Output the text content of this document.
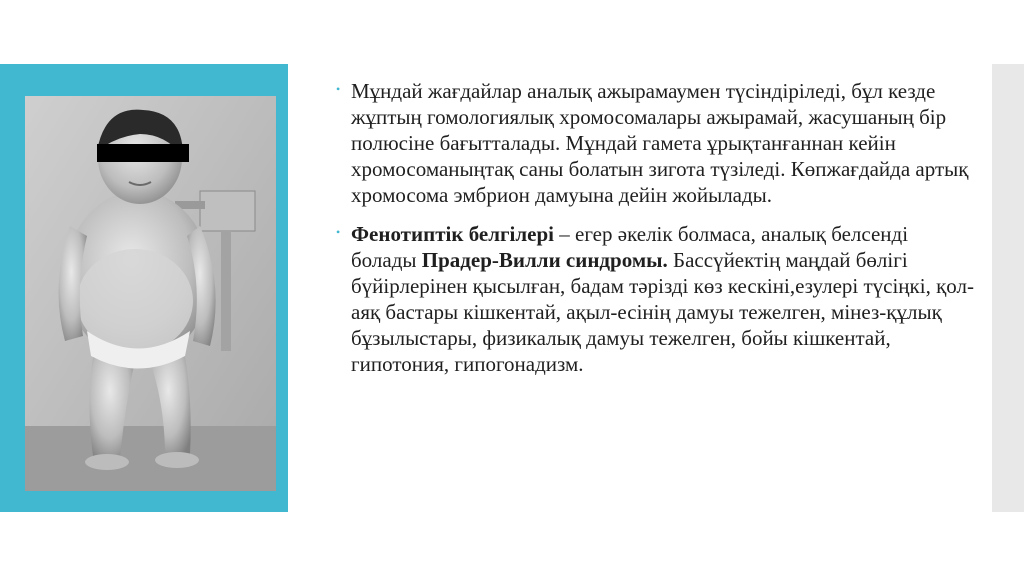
• Мұндай жағдайлар аналық ажырамаумен түсіндіріледі, бұл кезде жұптың гомологиялық хромосомалары ажырамай, жасушаның бір полюсіне бағытталады. Мұндай гамета ұрықтанғаннан кейін хромосоманыңтақ саны болатын зигота түзіледі. Көпжағдайда артық хромосома эмбрион дамуына дейін жойылады.
• Фенотиптік белгілері – егер әкелік болмаса, аналық белсенді болады Прадер-Вилли синдромы. Бассүйектің маңдай бөлігі бүйірлерінен қысылған, бадам тәрізді көз кескіні,езулері түсіңкі, қол-аяқ бастары кішкентай, ақыл-есінің дамуы тежелген, мінез-құлық бұзылыстары, физикалық дамуы тежелген, бойы кішкентай, гипотония, гипогонадизм.
